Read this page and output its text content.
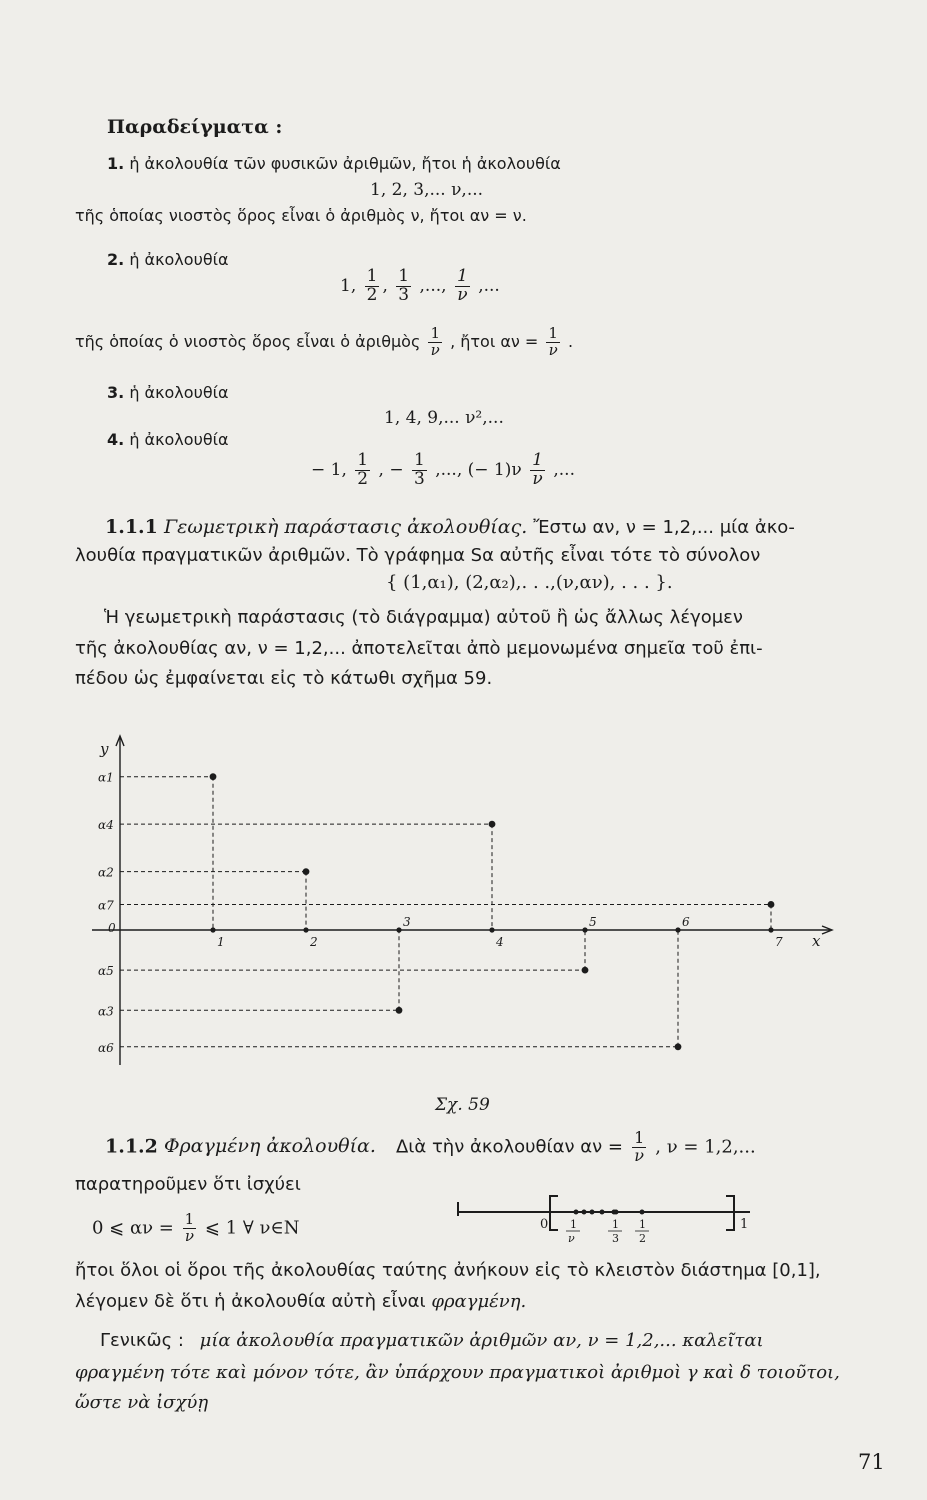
Παραδείγματα :
1. ἡ ἀκολουθία τῶν φυσικῶν ἀριθμῶν, ἤτοι ἡ ἀκολουθία
1, 2, 3,... ν,...
τῆς ὁποίας νιοστὸς ὅρος εἶναι ὁ ἀριθμὸς ν, ἤτοι αν = ν.
2. ἡ ἀκολουθία
1, $\frac{1}{2}$ , $\frac{1}{3}$ ,..., $\frac{1}{\nu}$ ,...
τῆς ὁποίας ὁ νιοστὸς ὅρος εἶναι ὁ ἀριθμὸς $\frac{1}{\nu}$ , ἤτοι $\alpha\nu = \frac{1}{\nu}$ .
3. ἡ ἀκολουθία
1, 4, 9,... ν²,...
4. ἡ ἀκολουθία
− 1, $\frac{1}{2}$ , − $\frac{1}{3}$ ,..., (− $1)\nu \frac{1}{\nu}$ ,...
1.1.1 Γεωμετρικὴ παράστασις ἀκολουθίας. Ἔστω αν, ν = 1,2,... μία ἀκο-
λουθία πραγματικῶν ἀριθμῶν. Τὸ γράφημα Sα αὐτῆς εἶναι τότε τὸ σύνολον
{ (1,α₁), (2,α₂),. . .,(ν,αν), . . . }.
Ἡ γεωμετρικὴ παράστασις (τὸ διάγραμμα) αὐτοῦ ἢ ὡς ἄλλως λέγομεν
τῆς ἀκολουθίας αν, ν = 1,2,... ἀποτελεῖται ἀπὸ μεμονωμένα σημεῖα τοῦ ἐπι-
πέδου ὡς ἐμφαίνεται εἰς τὸ κάτωθι σχῆμα 59.
1	2
3
4
5	6
7
α1
α2
α3
α4
α5
α6
α7
y
x
0
Σχ. 59
1.1.2 Φραγμένη ἀκολουθία. Διὰ τὴν ἀκολουθίαν $\alpha\nu = \frac{1}{\nu}$ , ν = 1,2,...
παρατηροῦμεν ὅτι ἰσχύει
0 ⩽ $\alpha\nu = \frac{1}{\nu}$ ⩽ 1 ∀ ν∈N	0	1
1
ν
1
3
1
2
ἤτοι ὅλοι οἱ ὅροι τῆς ἀκολουθίας ταύτης ἀνήκουν εἰς τὸ κλειστὸν διάστημα [0,1],
λέγομεν δὲ ὅτι ἡ ἀκολουθία αὐτὴ εἶναι φραγμένη.
Γενικῶς : μία ἀκολουθία πραγματικῶν ἀριθμῶν αν, ν = 1,2,... καλεῖται
φραγμένη τότε καὶ μόνον τότε, ἂν ὑπάρχουν πραγματικοὶ ἀριθμοὶ γ καὶ δ τοιοῦτοι,
ὥστε νὰ ἰσχύῃ
71
